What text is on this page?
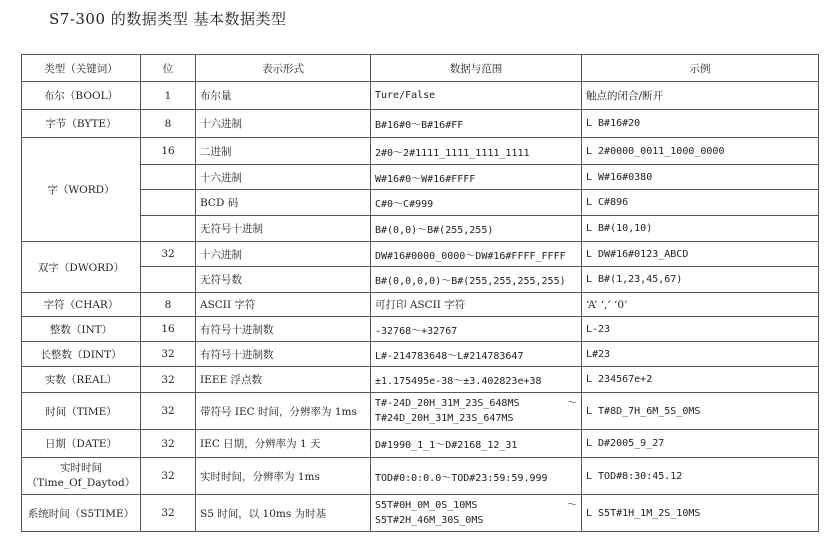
S7-300 的数据类型 基本数据类型
类型（关键词）	位	表示形式	数据与范围	示例
布尔（BOOL）	1	布尔量	Ture/False	触点的闭合/断开
字节（BYTE）	8	十六进制	B#16#0～B#16#FF	L B#16#20
字（WORD）	16	二进制	2#0～2#1111_1111_1111_1111	L 2#0000_0011_1000_0000
		十六进制	W#16#0～W#16#FFFF	L W#16#0380
		BCD 码	C#0～C#999	L C#896
		无符号十进制	B#(0,0)～B#(255,255)	L B#(10,10)
双字（DWORD）	32	十六进制	DW#16#0000_0000～DW#16#FFFF_FFFF	L DW#16#0123_ABCD
		无符号数	B#(0,0,0,0)～B#(255,255,255,255)	L B#(1,23,45,67)
字符（CHAR）	8	ASCII 字符	可打印 ASCII 字符	‘A’ ‘,’ ‘0’
整数（INT）	16	有符号十进制数	-32768～+32767	L-23
长整数（DINT）	32	有符号十进制数	L#-214783648～L#214783647	L#23
实数（REAL）	32	IEEE 浮点数	±1.175495e-38～±3.402823e+38	L 234567e+2
时间（TIME）	32	带符号 IEC 时间，分辨率为 1ms	T#-24D_20H_31M_23S_648MS ～

T#24D_20H_31M_23S_647MS	L T#8D_7H_6M_5S_0MS
日期（DATE）	32	IEC 日期，分辨率为 1 天	D#1990_1_1～D#2168_12_31	L D#2005_9_27
实时时间
（Time_Of_Daytod）	32	实时时间，分辨率为 1ms	TOD#0:0:0.0～TOD#23:59:59.999	L TOD#8:30:45.12
系统时间（S5TIME）	32	S5 时间，以 10ms 为时基	S5T#0H_0M_0S_10MS ～

S5T#2H_46M_30S_0MS	L S5T#1H_1M_2S_10MS
